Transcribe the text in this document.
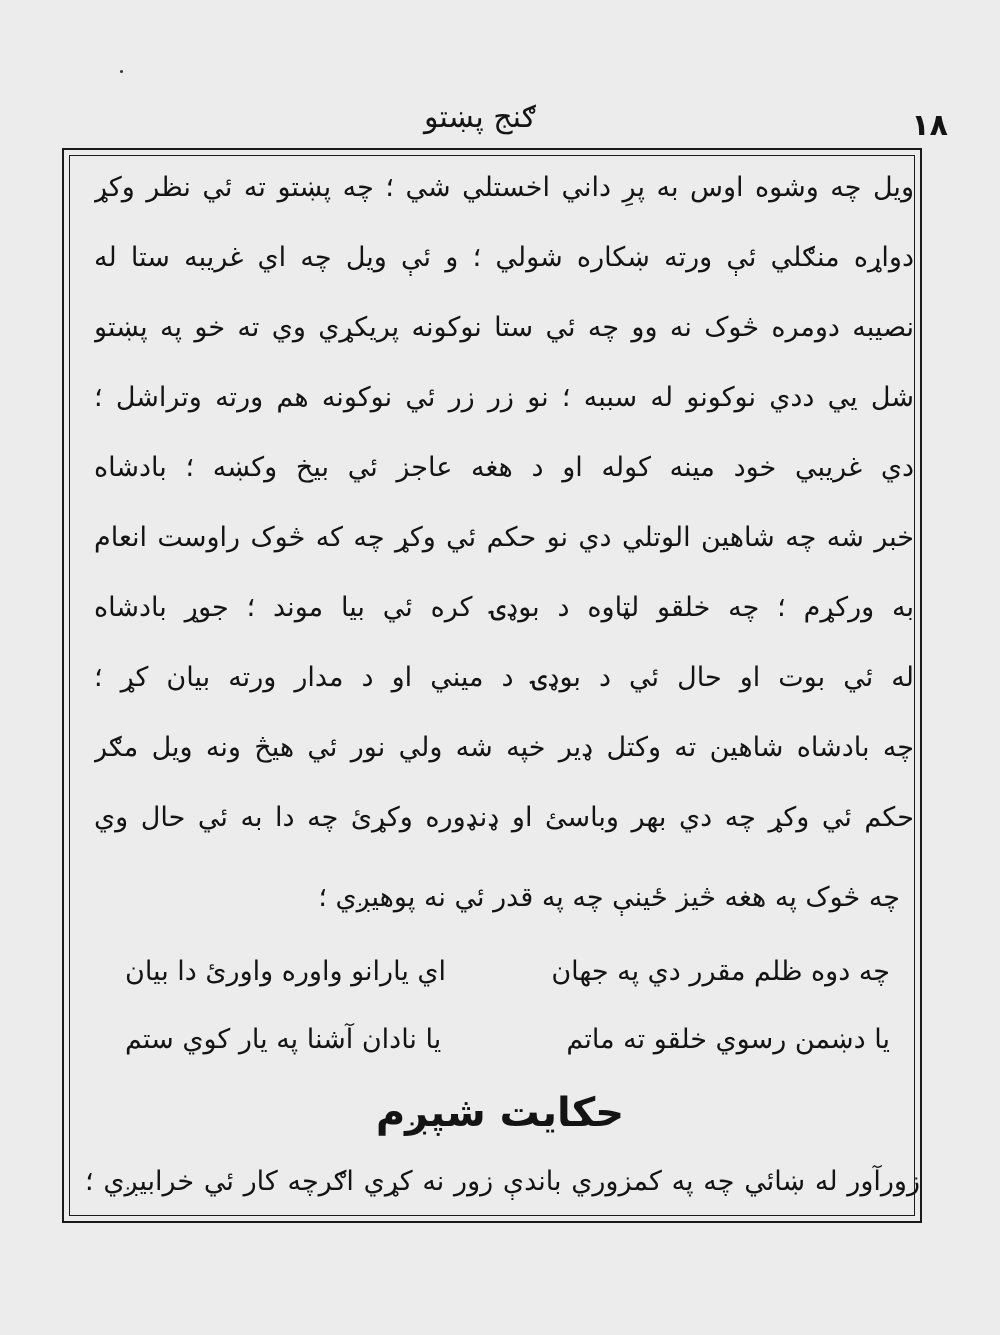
ګنج پښتو	۱۸
ويل چه وشوه اوس به پرِ داني اخستلي شي ؛ چه پښتو ته ئي نظر وکړ
دواړه منګلي ئې ورته ښکاره شولي ؛ و ئې ويل چه اي غريبه ستا له
نصيبه دومره څوک نه وو چه ئي ستا نوکونه پريکړي وي ته خو په پښتو
شل يي ددي نوکونو له سببه ؛ نو زر زر ئي نوکونه هم ورته وتراشل ؛
دي غريبي خود مينه کوله او د هغه عاجز ئي بيخ وکښه ؛ بادشاه
خبر شه چه شاهين الوتلي دي نو حکم ئي وکړ چه که څوک راوست انعام
به ورکړم ؛ چه خلقو لټاوه د بوډۍ کره ئي بيا موند ؛ جوړ بادشاه
له ئي بوت او حال ئي د بوډۍ د ميني او د مدار ورته بيان کړ ؛
چه بادشاه شاهين ته وکتل ډير خپه شه ولي نور ئي هيڅ ونه ويل مګر
حکم ئي وکړ چه دي بهر وباسئ او ډنډوره وکړئ چه دا به ئي حال وي
چه څوک په هغه څيز ځينې چه په قدر ئي نه پوهيږي ؛
چه دوه ظلم مقرر دي په جهان
اي يارانو واوره واورئ دا بيان
يا دښمن رسوي خلقو ته ماتم
يا نادان آشنا په يار کوي ستم
حکايت شپږم
زورآور له ښائي چه په کمزوري باندې زور نه کړي اګرچه کار ئي خرابيږي ؛
